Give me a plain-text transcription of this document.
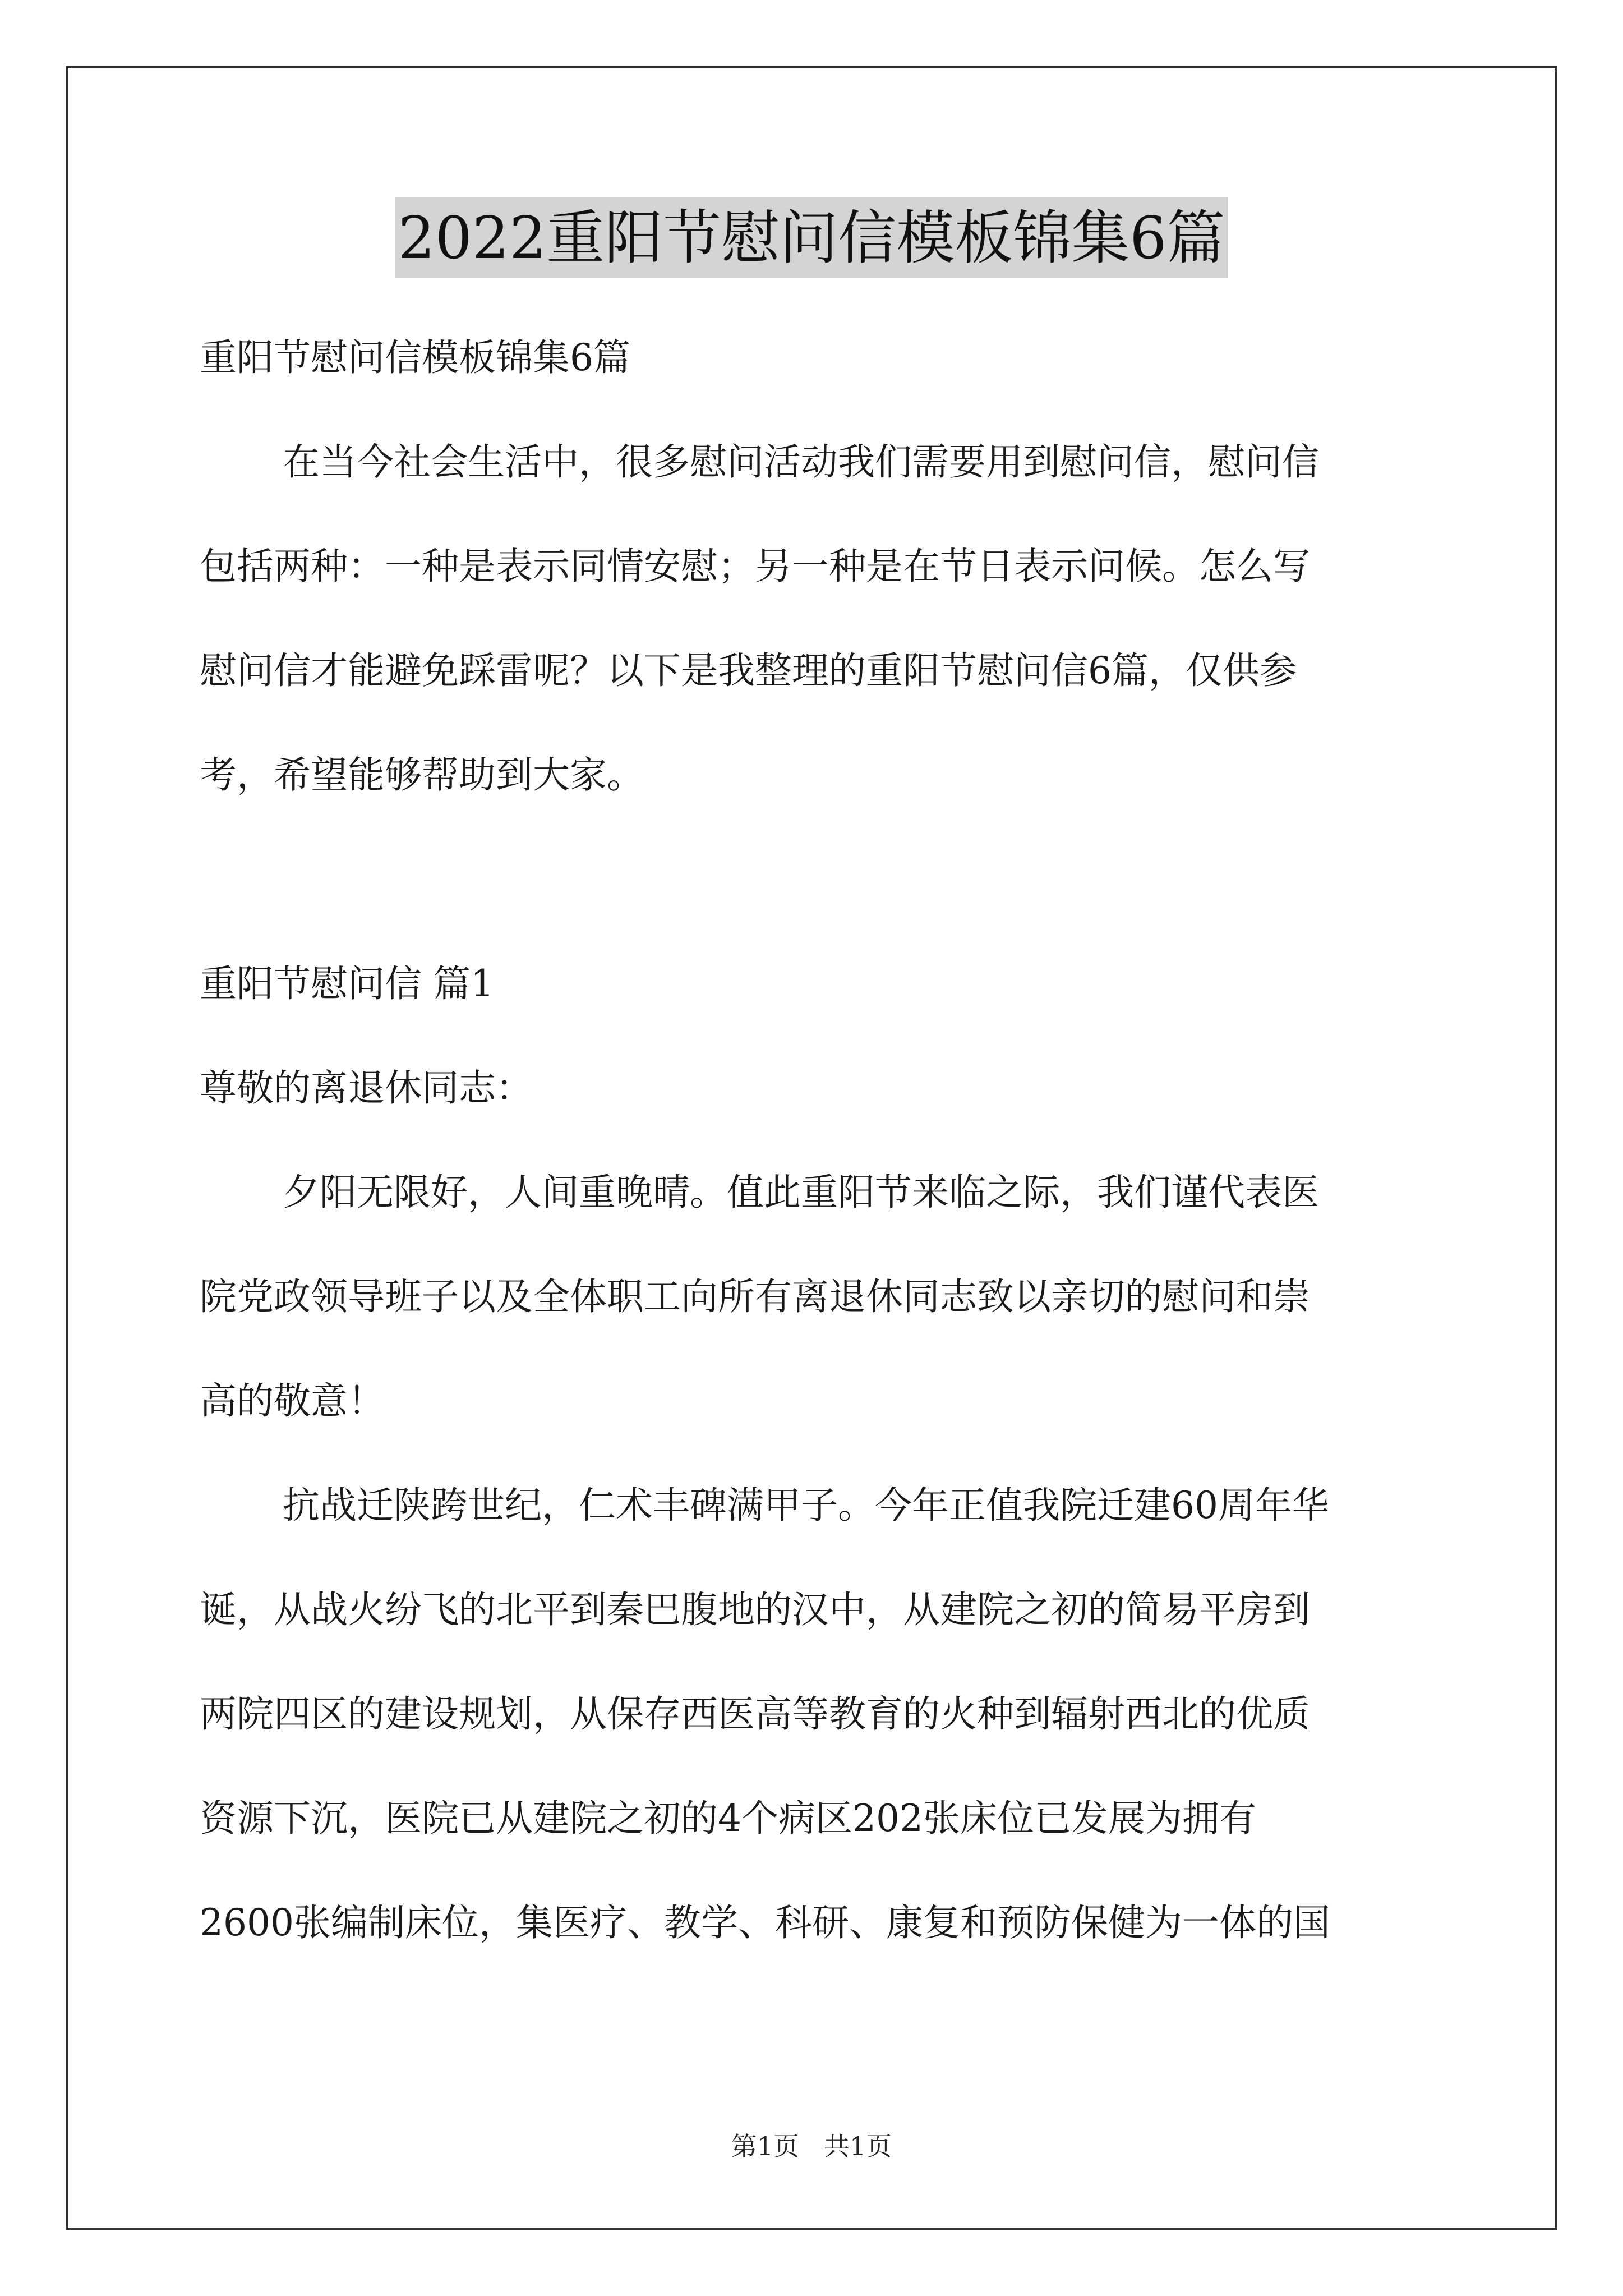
2022重阳节慰问信模板锦集6篇
重阳节慰问信模板锦集6篇
在当今社会生活中，很多慰问活动我们需要用到慰问信，慰问信
包括两种：一种是表示同情安慰；另一种是在节日表示问候。怎么写
慰问信才能避免踩雷呢？以下是我整理的重阳节慰问信6篇，仅供参
考，希望能够帮助到大家。
重阳节慰问信 篇1
尊敬的离退休同志：
夕阳无限好，人间重晚晴。值此重阳节来临之际，我们谨代表医
院党政领导班子以及全体职工向所有离退休同志致以亲切的慰问和崇
高的敬意！
抗战迁陕跨世纪，仁术丰碑满甲子。今年正值我院迁建60周年华
诞，从战火纷飞的北平到秦巴腹地的汉中，从建院之初的简易平房到
两院四区的建设规划，从保存西医高等教育的火种到辐射西北的优质
资源下沉，医院已从建院之初的4个病区202张床位已发展为拥有
2600张编制床位，集医疗、教学、科研、康复和预防保健为一体的国
第1页 共1页
